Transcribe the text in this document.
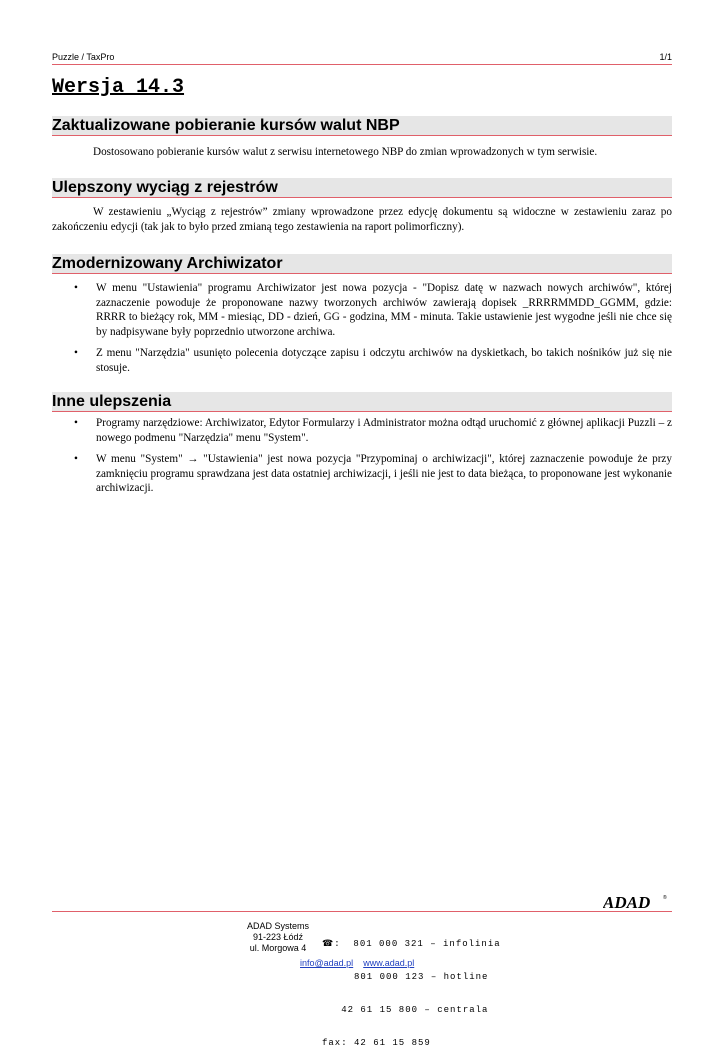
Puzzle / TaxPro	1/1
Wersja 14.3
Zaktualizowane pobieranie kursów walut NBP
Dostosowano pobieranie kursów walut z serwisu internetowego NBP do zmian wprowadzonych w tym serwisie.
Ulepszony wyciąg z rejestrów
W zestawieniu „Wyciąg z rejestrów” zmiany wprowadzone przez edycję dokumentu są widoczne w zestawieniu zaraz po zakończeniu edycji (tak jak to było przed zmianą tego zestawienia na raport polimorficzny).
Zmodernizowany Archiwizator
• W menu "Ustawienia" programu Archiwizator jest nowa pozycja - "Dopisz datę w nazwach nowych archiwów", której zaznaczenie powoduje że proponowane nazwy tworzonych archiwów zawierają dopisek _RRRRMMDD_GGMM, gdzie: RRRR to bieżący rok, MM - miesiąc, DD - dzień, GG - godzina, MM - minuta. Takie ustawienie jest wygodne jeśli nie chce się by nadpisywane były poprzednio utworzone archiwa.
• Z menu "Narzędzia" usunięto polecenia dotyczące zapisu i odczytu archiwów na dyskietkach, bo takich nośników już się nie stosuje.
Inne ulepszenia
• Programy narzędziowe: Archiwizator, Edytor Formularzy i Administrator można odtąd uruchomić z głównej aplikacji Puzzli – z nowego podmenu "Narzędzia" menu "System".
• W menu "System" → "Ustawienia" jest nowa pozycja "Przypominaj o archiwizacji", której zaznaczenie powoduje że przy zamknięciu programu sprawdzana jest data ostatniej archiwizacji, i jeśli nie jest to data bieżąca, to proponowane jest wykonanie archiwizacji.
ADAD	®
ADAD Systems
91-223 Łódź
ul. Morgowa 4

	☎:  801 000 321 – infolinia

801 000 123 – hotline

42 61 15 800 – centrala

fax: 42 61 15 859

info@adad.pl www.adad.pl
